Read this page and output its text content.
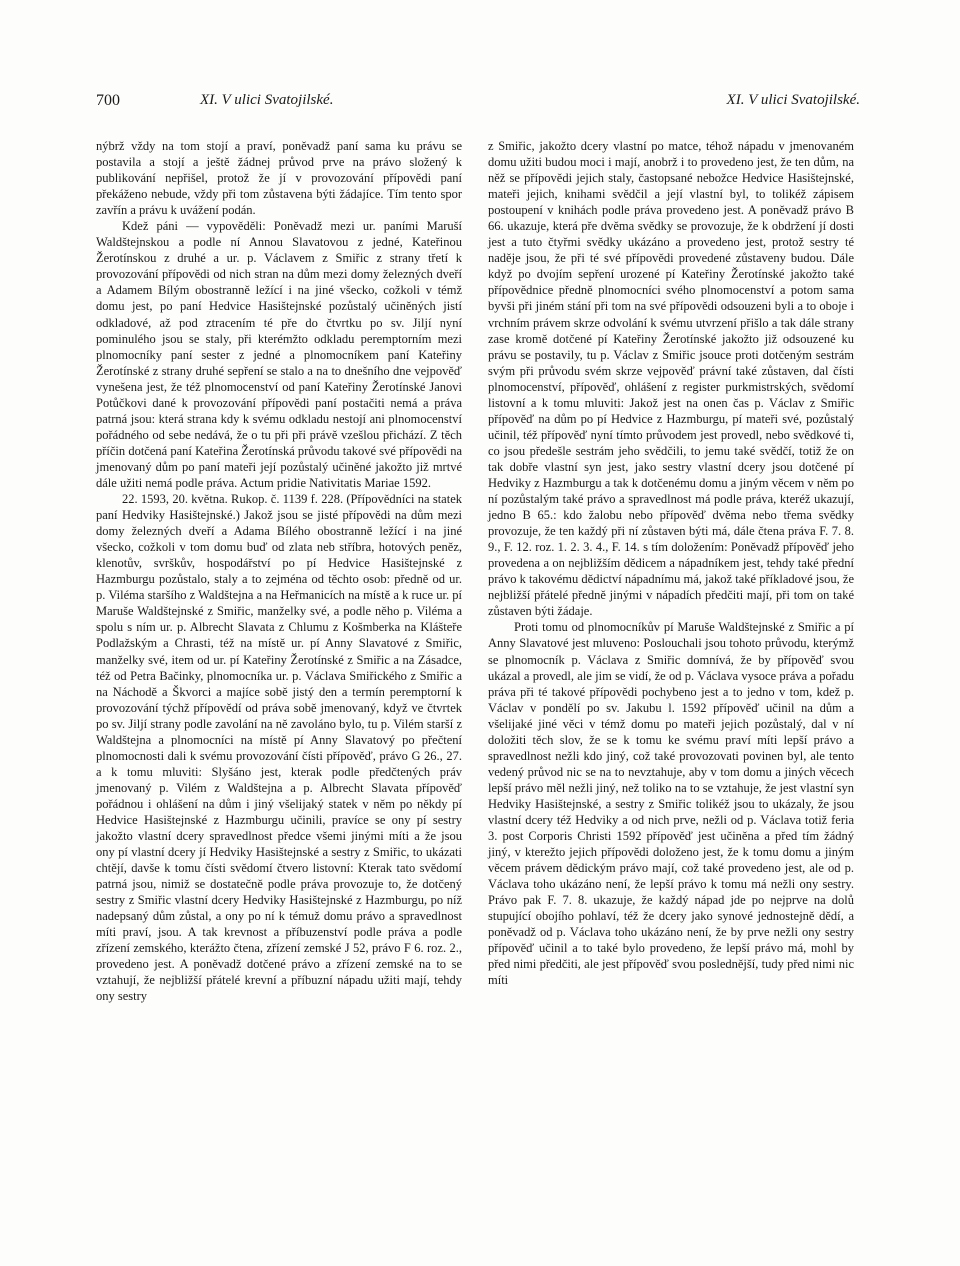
700	XI. V ulici Svatojilské.	XI. V ulici Svatojilské.

nýbrž vždy na tom stojí a praví, poněvadž paní sama ku právu se postavila a stojí a ještě žádnej průvod prve na právo složený k publikování nepřišel, protož že jí v provozování přípovědi paní překáženo nebude, vždy při tom zůstavena býti žádajíce. Tím tento spor zavřín a právu k uvážení podán.

Kdež páni — vypověděli: Poněvadž mezi ur. paními Maruší Waldštejnskou a podle ní Annou Slavatovou z jedné, Kateřinou Žerotínskou z druhé a ur. p. Václavem z Smiřic z strany třetí k provozování přípovědi od nich stran na dům mezi domy železných dveří a Adamem Bílým obostranně ležící i na jiné všecko, cožkoli v témž domu jest, po paní Hedvice Hasištejnské pozůstalý učiněných jistí odkladové, až pod ztracením té pře do čtvrtku po sv. Jiljí nyní pominulého jsou se staly, při kterémžto odkladu peremptorním mezi plnomocníky paní sester z jedné a plnomocníkem paní Kateřiny Žerotínské z strany druhé sepření se stalo a na to dnešního dne vejpověď vynešena jest, že též plnomocenství od paní Kateřiny Žerotínské Janovi Potůčkovi dané k provozování přípovědi paní postačiti nemá a práva patrná jsou: která strana kdy k svému odkladu nestojí ani plnomocenství pořádného od sebe nedává, že o tu při při právě vzešlou přichází. Z těch příčin dotčená paní Kateřina Žerotínská průvodu takové své přípovědi na jmenovaný dům po paní mateři její pozůstalý učiněné jakožto již mrtvé dále užiti nemá podle práva. Actum pridie Nativitatis Mariae 1592.

22. 1593, 20. května. Rukop. č. 1139 f. 228. (Přípovědníci na statek paní Hedviky Hasištejnské.) Jakož jsou se jisté přípovědi na dům mezi domy železných dveří a Adama Bílého obostranně ležící i na jiné všecko, cožkoli v tom domu buď od zlata neb stříbra, hotových peněz, klenotův, svrškův, hospodářství po pí Hedvice Hasištejnské z Hazmburgu pozůstalo, staly a to zejména od těchto osob: předně od ur. p. Viléma staršího z Waldštejna a na Heřmanicích na místě a k ruce ur. pí Maruše Waldštejnské z Smiřic, manželky své, a podle něho p. Viléma a spolu s ním ur. p. Albrecht Slavata z Chlumu z Košmberka na Klášteře Podlažským a Chrasti, též na místě ur. pí Anny Slavatové z Smiřic, manželky své, item od ur. pí Kateřiny Žerotínské z Smiřic a na Zásadce, též od Petra Bačinky, plnomocníka ur. p. Václava Smiřického z Smiřic a na Náchodě a Škvorci a majíce sobě jistý den a termín peremptorní k provozování týchž přípovědí od práva sobě jmenovaný, když ve čtvrtek po sv. Jiljí strany podle zavolání na ně zavoláno bylo, tu p. Vilém starší z Waldštejna a plnomocníci na místě pí Anny Slavatový po přečtení plnomocnosti dali k svému provozování čísti přípověď, právo G 26., 27. a k tomu mluviti: Slyšáno jest, kterak podle předčtených práv jmenovaný p. Vilém z Waldštejna a p. Albrecht Slavata přípověď pořádnou i ohlášení na dům i jiný všelijaký statek v něm po někdy pí Hedvice Hasištejnské z Hazmburgu učinili, pravíce se ony pí sestry jakožto vlastní dcery spravedlnost předce všemi jinými míti a že jsou ony pí vlastní dcery jí Hedviky Hasištejnské a sestry z Smiřic, to ukázati chtějí, davše k tomu čísti svědomí čtvero listovní: Kterak tato svědomí patrná jsou, nimiž se dostatečně podle práva provozuje to, že dotčený sestry z Smiřic vlastní dcery Hedviky Hasištejnské z Hazmburgu, po níž nadepsaný dům zůstal, a ony po ní k témuž domu právo a spravedlnost míti praví, jsou. A tak krevnost a příbuzenství podle práva a podle zřízení zemského, kterážto čtena, zřízení zemské J 52, právo F 6. roz. 2., provedeno jest. A poněvadž dotčené právo a zřízení zemské na to se vztahují, že nejbližší přátelé krevní a příbuzní nápadu užiti mají, tehdy ony sestry

z Smiřic, jakožto dcery vlastní po matce, téhož nápadu v jmenovaném domu užiti budou moci i mají, anobrž i to provedeno jest, že ten dům, na něž se přípovědi jejich staly, častopsané nebožce Hedvice Hasištejnské, mateři jejich, knihami svědčil a její vlastní byl, to tolikéž zápisem postoupení v knihách podle práva provedeno jest. A poněvadž právo B 66. ukazuje, která pře dvěma svědky se provozuje, že k obdržení jí dosti jest a tuto čtyřmi svědky ukázáno a provedeno jest, protož sestry té naděje jsou, že při té své přípovědi provedené zůstaveny budou. Dále když po dvojím sepření urozené pí Kateřiny Žerotínské jakožto také přípovědnice předně plnomocníci svého plnomocenství a potom sama byvši při jiném stání při tom na své přípovědi odsouzeni byli a to oboje i vrchním právem skrze odvolání k svému utvrzení přišlo a tak dále strany zase kromě dotčené pí Kateřiny Žerotínské jakožto již odsouzené ku právu se postavily, tu p. Václav z Smiřic jsouce proti dotčeným sestrám svým při průvodu svém skrze vejpověď právní také zůstaven, dal čísti plnomocenství, přípověď, ohlášení z register purkmistrských, svědomí listovní a k tomu mluviti: Jakož jest na onen čas p. Václav z Smiřic přípověď na dům po pí Hedvice z Hazmburgu, pí mateři své, pozůstalý učinil, též přípověď nyní tímto průvodem jest provedl, nebo svědkové ti, co jsou předešle sestrám jeho svědčili, to jemu také svědčí, totiž že on tak dobře vlastní syn jest, jako sestry vlastní dcery jsou dotčené pí Hedviky z Hazmburgu a tak k dotčenému domu a jiným věcem v něm po ní pozůstalým také právo a spravedlnost má podle práva, kteréž ukazují, jedno B 65.: kdo žalobu nebo přípověď dvěma nebo třema svědky provozuje, že ten každý při ní zůstaven býti má, dále čtena práva F. 7. 8. 9., F. 12. roz. 1. 2. 3. 4., F. 14. s tím doložením: Poněvadž přípověď jeho provedena a on nejbližším dědicem a nápadníkem jest, tehdy také přední právo k takovému dědictví nápadnímu má, jakož také příkladové jsou, že nejbližší přátelé předně jinými v nápadích předčiti mají, při tom on také zůstaven býti žádaje.

Proti tomu od plnomocníkův pí Maruše Waldštejnské z Smiřic a pí Anny Slavatové jest mluveno: Poslouchali jsou tohoto průvodu, kterýmž se plnomocník p. Václava z Smiřic domnívá, že by přípověď svou ukázal a provedl, ale jim se vidí, že od p. Václava vysoce práva a pořadu práva při té takové přípovědi pochybeno jest a to jedno v tom, kdež p. Václav v pondělí po sv. Jakubu l. 1592 přípověď učinil na dům a všelijaké jiné věci v témž domu po mateři jejich pozůstalý, dal v ní doložiti těch slov, že se k tomu ke svému praví míti lepší právo a spravedlnost nežli kdo jiný, což také provozovati povinen byl, ale tento vedený průvod nic se na to nevztahuje, aby v tom domu a jiných věcech lepší právo měl nežli jiný, než toliko na to se vztahuje, že jest vlastní syn Hedviky Hasištejnské, a sestry z Smiřic tolikéž jsou to ukázaly, že jsou vlastní dcery též Hedviky a od nich prve, nežli od p. Václava totiž feria 3. post Corporis Christi 1592 přípověď jest učiněna a před tím žádný jiný, v kterežto jejich přípovědi doloženo jest, že k tomu domu a jiným věcem právem dědickým právo mají, což také provedeno jest, ale od p. Václava toho ukázáno není, že lepší právo k tomu má nežli ony sestry. Právo pak F. 7. 8. ukazuje, že každý nápad jde po nejprve na dolů stupující obojího pohlaví, též že dcery jako synové jednostejně dědí, a poněvadž od p. Václava toho ukázáno není, že by prve nežli ony sestry přípověď učinil a to také bylo provedeno, že lepší právo má, mohl by před nimi předčiti, ale jest přípověď svou poslednější, tudy před nimi nic míti
